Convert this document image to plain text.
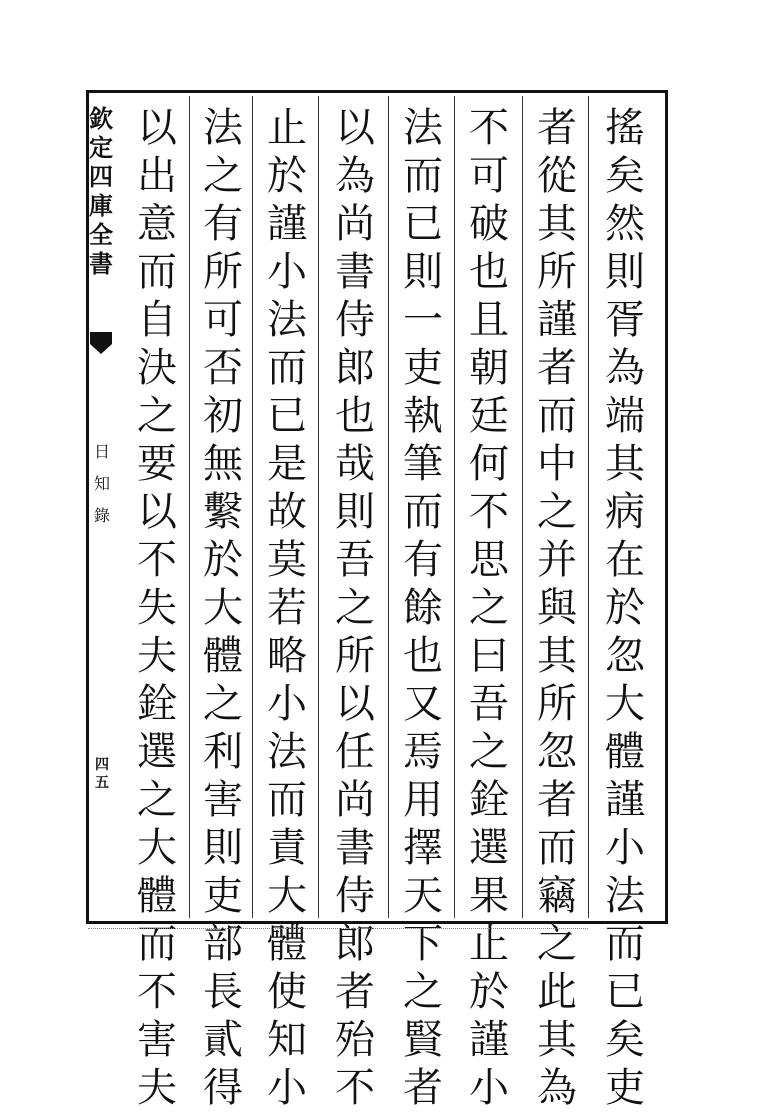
欽定四庫全書
日知錄
四五
搖矣然則胥為端其病在於忽大體謹小法而已矣吏
者從其所謹者而中之并與其所忽者而竊之此其為
不可破也且朝廷何不思之曰吾之銓選果止於謹小
法而已則一吏執筆而有餘也又焉用擇天下之賢者
以為尚書侍郎也哉則吾之所以任尚書侍郎者殆不
止於謹小法而已是故莫若略小法而責大體使知小
法之有所可否初無繫於大體之利害則吏部長貳得
以出意而自決之要以不失夫銓選之大體而不害夫
